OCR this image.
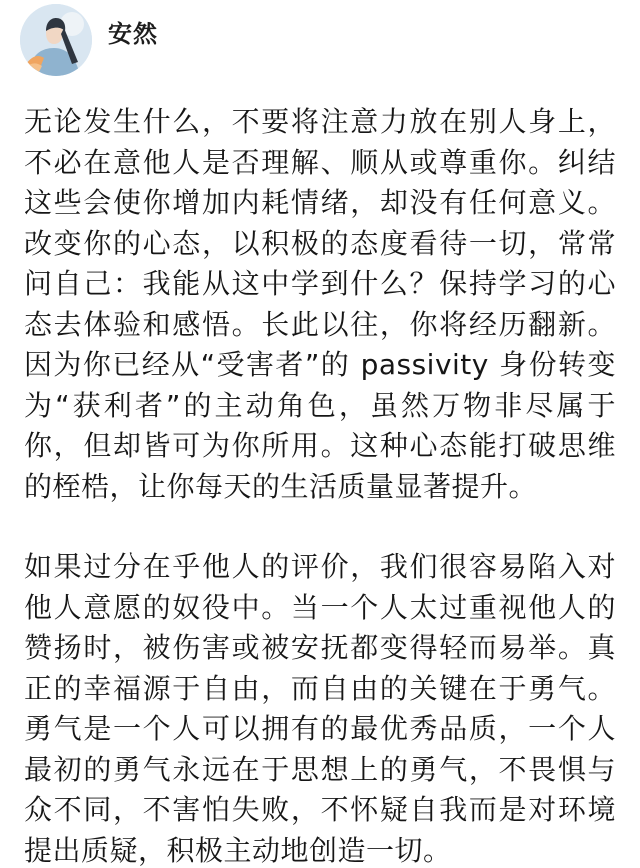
安然

无论发生什么，不要将注意力放在别人身上，不必在意他人是否理解、顺从或尊重你。纠结这些会使你增加内耗情绪，却没有任何意义。改变你的心态，以积极的态度看待一切，常常问自己：我能从这中学到什么？保持学习的心态去体验和感悟。长此以往，你将经历翻新。因为你已经从“受害者”的 passivity 身份转变为“获利者”的主动角色，虽然万物非尽属于你，但却皆可为你所用。这种心态能打破思维的桎梏，让你每天的生活质量显著提升。

如果过分在乎他人的评价，我们很容易陷入对他人意愿的奴役中。当一个人太过重视他人的赞扬时，被伤害或被安抚都变得轻而易举。真正的幸福源于自由，而自由的关键在于勇气。勇气是一个人可以拥有的最优秀品质，一个人最初的勇气永远在于思想上的勇气，不畏惧与众不同，不害怕失败，不怀疑自我而是对环境提出质疑，积极主动地创造一切。
